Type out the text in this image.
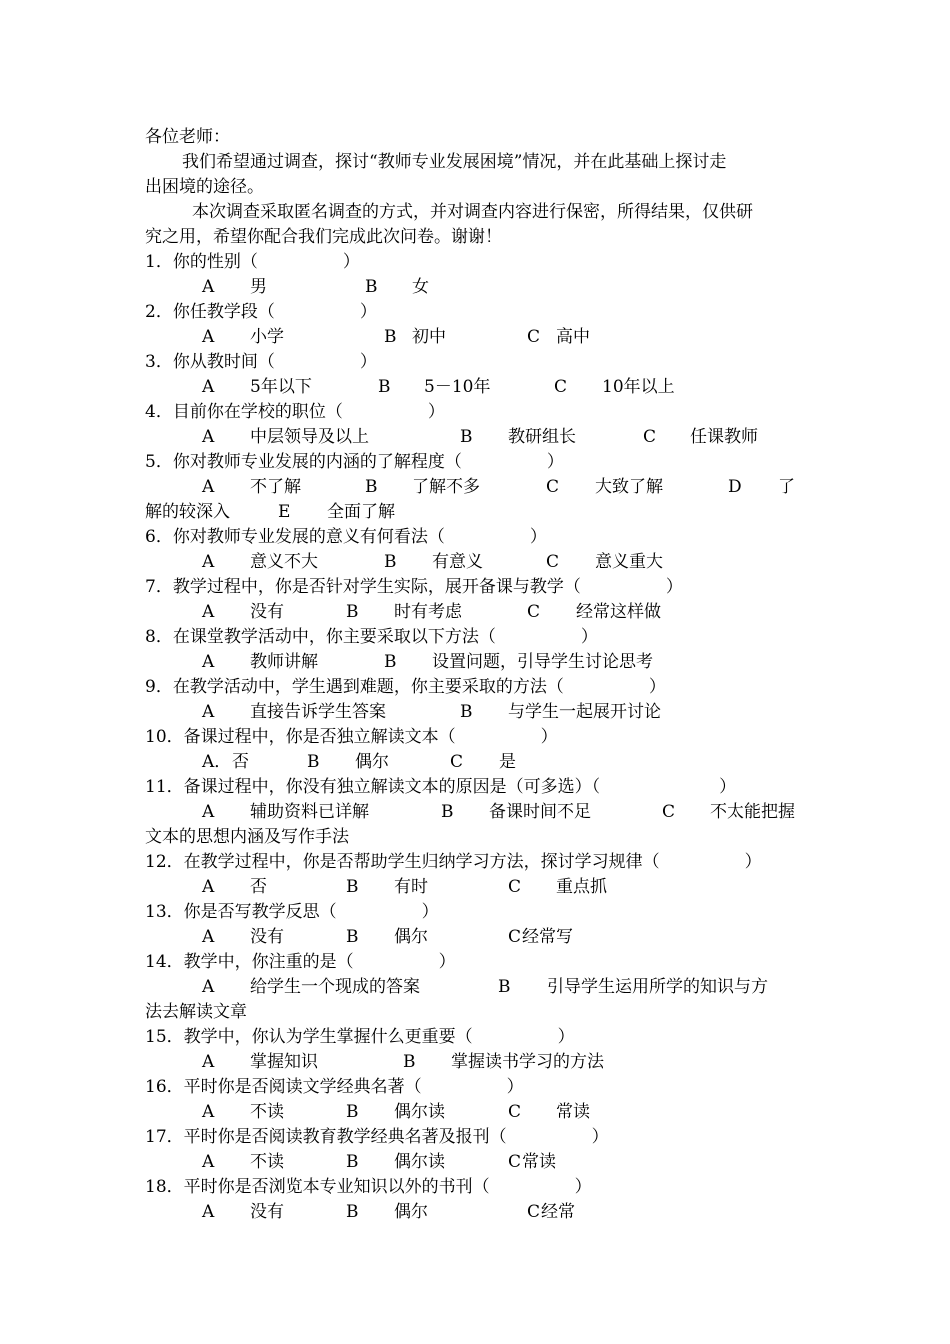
各位老师：
我们希望通过调查，探讨“教师专业发展困境”情况，并在此基础上探讨走
出困境的途径。
本次调查采取匿名调查的方式，并对调查内容进行保密，所得结果，仅供研
究之用，希望你配合我们完成此次问卷。谢谢！
1．你的性别（　　　　　）
A 男	B 女
2．你任教学段（　　　　　）
A 小学	B 初中	C 高中
3．你从教时间（　　　　　）
A 5年以下	B 5－10年	C 10年以上
4．目前你在学校的职位（　　　　　）
A 中层领导及以上	B 教研组长	C 任课教师
5．你对教师专业发展的内涵的了解程度（　　　　　）
A 不了解	B 了解不多	C 大致了解	D 了
解的较深入	E 全面了解
6．你对教师专业发展的意义有何看法（　　　　　）
A 意义不大	B 有意义	C 意义重大
7．教学过程中，你是否针对学生实际，展开备课与教学（　　　　　）
A 没有	B 时有考虑	C 经常这样做
8．在课堂教学活动中，你主要采取以下方法（　　　　　）
A 教师讲解	B 设置问题，引导学生讨论思考
9．在教学活动中，学生遇到难题，你主要采取的方法（　　　　　）
A 直接告诉学生答案	B 与学生一起展开讨论
10．备课过程中，你是否独立解读文本（　　　　　）
A． 否	B 偶尔	C 是
11．备课过程中，你没有独立解读文本的原因是（可多选）（　　　　　　　）
A 辅助资料已详解	B 备课时间不足	C 不太能把握
文本的思想内涵及写作手法
12．在教学过程中，你是否帮助学生归纳学习方法，探讨学习规律（　　　　　）
A 否	B 有时	C 重点抓
13．你是否写教学反思（　　　　　）
A 没有	B 偶尔	C 经常写
14．教学中，你注重的是（　　　　　）
A 给学生一个现成的答案	B 引导学生运用所学的知识与方
法去解读文章
15．教学中，你认为学生掌握什么更重要（　　　　　）
A 掌握知识	B 掌握读书学习的方法
16．平时你是否阅读文学经典名著（　　　　　）
A 不读	B 偶尔读	C 常读
17．平时你是否阅读教育教学经典名著及报刊（　　　　　）
A 不读	B 偶尔读	C 常读
18．平时你是否浏览本专业知识以外的书刊（　　　　　）
A 没有	B 偶尔	C 经常
